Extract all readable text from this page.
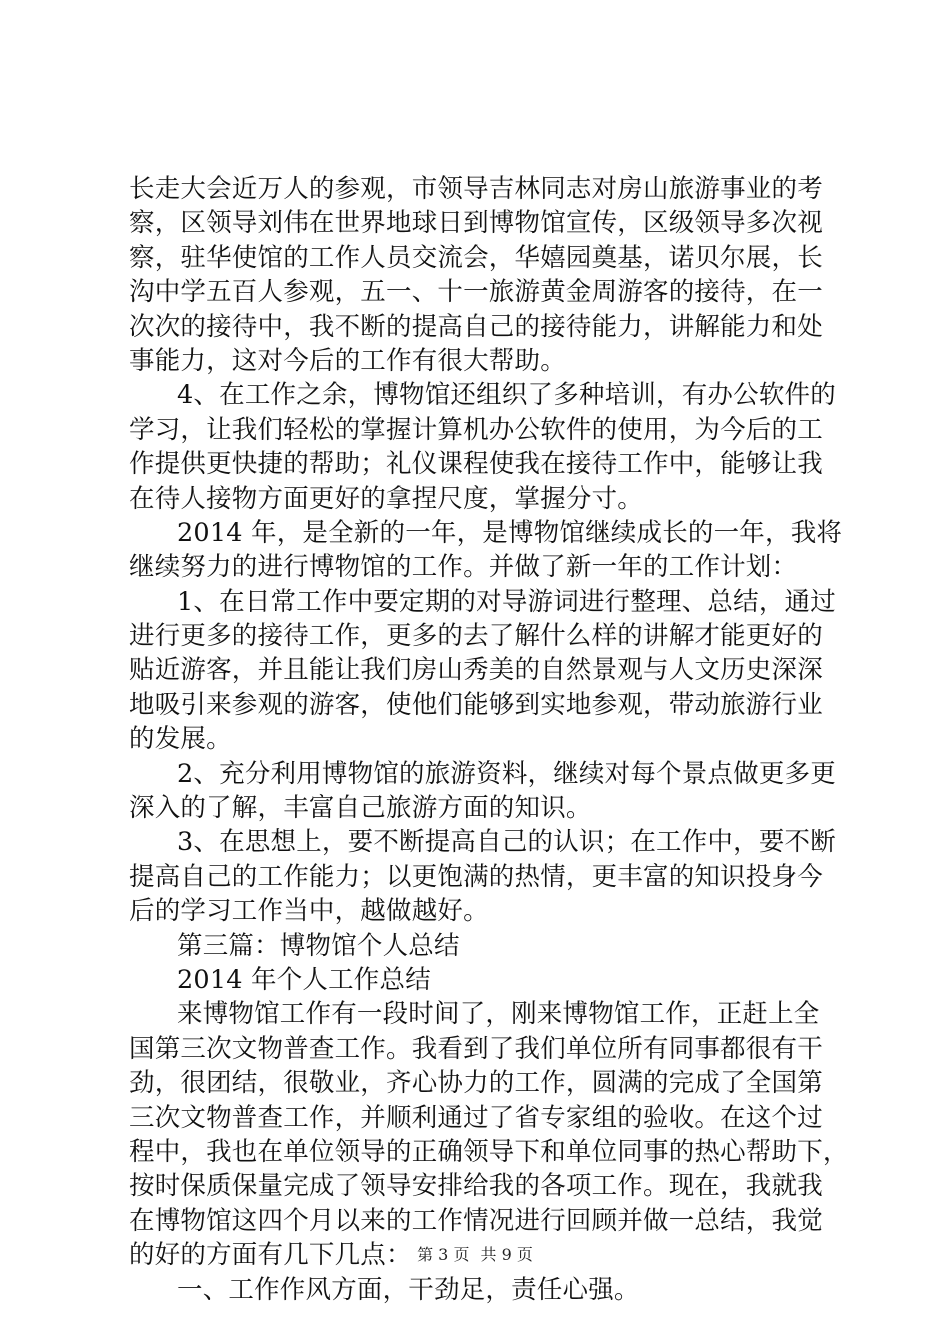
长走大会近万人的参观，市领导吉林同志对房山旅游事业的考
察，区领导刘伟在世界地球日到博物馆宣传，区级领导多次视
察，驻华使馆的工作人员交流会，华嬉园奠基，诺贝尔展，长
沟中学五百人参观，五一、十一旅游黄金周游客的接待，在一
次次的接待中，我不断的提高自己的接待能力，讲解能力和处
事能力，这对今后的工作有很大帮助。
4、在工作之余，博物馆还组织了多种培训，有办公软件的
学习，让我们轻松的掌握计算机办公软件的使用，为今后的工
作提供更快捷的帮助；礼仪课程使我在接待工作中，能够让我
在待人接物方面更好的拿捏尺度，掌握分寸。
2014 年，是全新的一年，是博物馆继续成长的一年，我将
继续努力的进行博物馆的工作。并做了新一年的工作计划：
1、在日常工作中要定期的对导游词进行整理、总结，通过
进行更多的接待工作，更多的去了解什么样的讲解才能更好的
贴近游客，并且能让我们房山秀美的自然景观与人文历史深深
地吸引来参观的游客，使他们能够到实地参观，带动旅游行业
的发展。
2、充分利用博物馆的旅游资料，继续对每个景点做更多更
深入的了解，丰富自己旅游方面的知识。
3、在思想上，要不断提高自己的认识；在工作中，要不断
提高自己的工作能力；以更饱满的热情，更丰富的知识投身今
后的学习工作当中，越做越好。
第三篇：博物馆个人总结
2014 年个人工作总结
来博物馆工作有一段时间了，刚来博物馆工作，正赶上全
国第三次文物普查工作。我看到了我们单位所有同事都很有干
劲，很团结，很敬业，齐心协力的工作，圆满的完成了全国第
三次文物普查工作，并顺利通过了省专家组的验收。在这个过
程中，我也在单位领导的正确领导下和单位同事的热心帮助下，
按时保质保量完成了领导安排给我的各项工作。现在，我就我
在博物馆这四个月以来的工作情况进行回顾并做一总结，我觉
的好的方面有几下几点：
一、工作作风方面，干劲足，责任心强。
第 3 页 共 9 页
